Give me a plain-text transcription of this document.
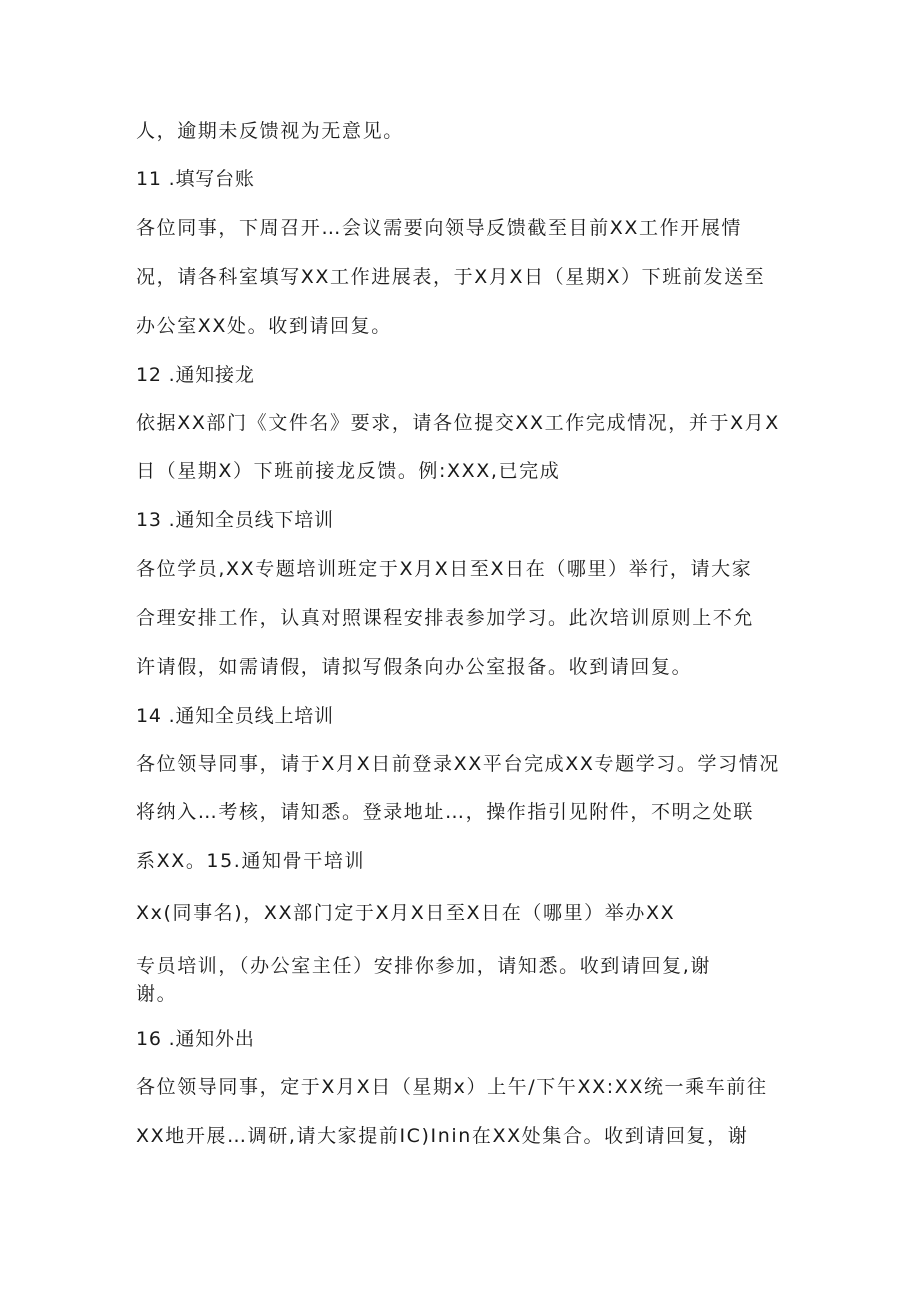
人，逾期未反馈视为无意见。
11 .填写台账
各位同事，下周召开…会议需要向领导反馈截至目前XX工作开展情
况，请各科室填写XX工作进展表，于X月X日（星期X）下班前发送至
办公室XX处。收到请回复。
12 .通知接龙
依据XX部门《文件名》要求，请各位提交XX工作完成情况，并于X月X
日（星期X）下班前接龙反馈。例:XXX,已完成
13 .通知全员线下培训
各位学员,XX专题培训班定于X月X日至X日在（哪里）举行，请大家
合理安排工作，认真对照课程安排表参加学习。此次培训原则上不允
许请假，如需请假，请拟写假条向办公室报备。收到请回复。
14 .通知全员线上培训
各位领导同事，请于X月X日前登录XX平台完成XX专题学习。学习情况
将纳入…考核，请知悉。登录地址…，操作指引见附件，不明之处联
系XX。15.通知骨干培训
Xx(同事名)，XX部门定于X月X日至X日在（哪里）举办XX
专员培训，（办公室主任）安排你参加，请知悉。收到请回复,谢
谢。
16 .通知外出
各位领导同事，定于X月X日（星期x）上午/下午XX:XX统一乘车前往
XX地开展…调研,请大家提前IC)Inin在XX处集合。收到请回复，谢
